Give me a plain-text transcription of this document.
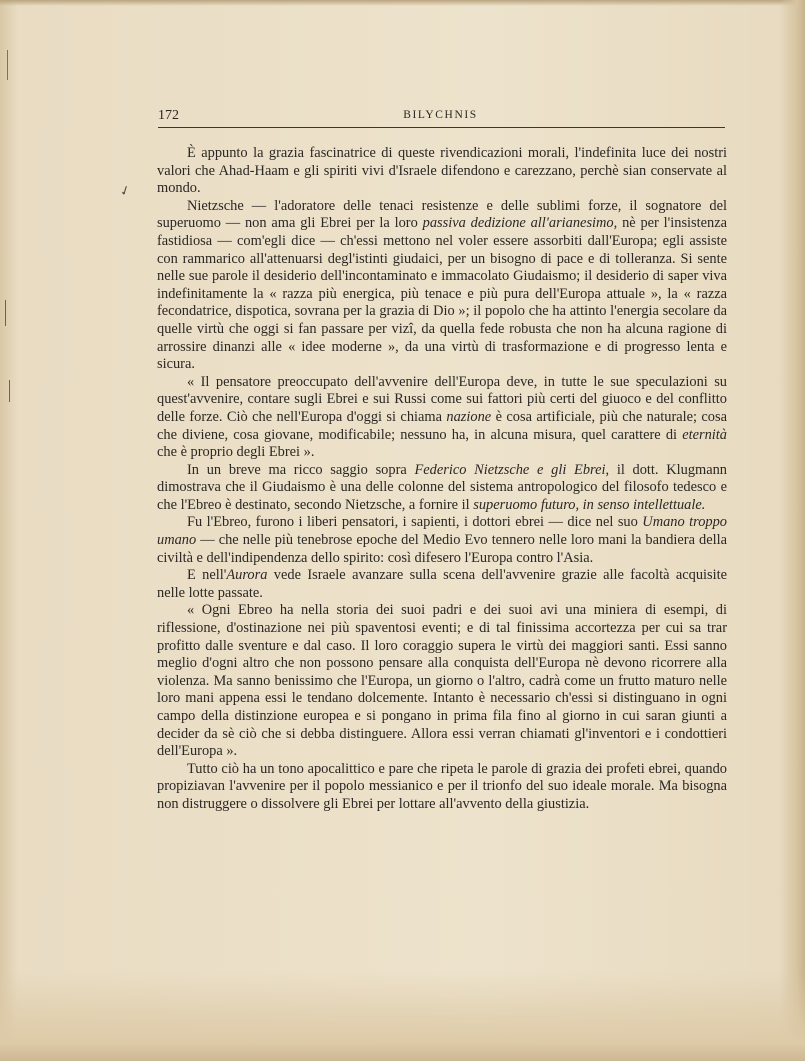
✓
172	BILYCHNIS

È appunto la grazia fascinatrice di queste rivendicazioni morali, l'indefinita luce dei nostri valori che Ahad-Haam e gli spiriti vivi d'Israele difendono e carezzano, perchè sian conservate al mondo.

Nietzsche — l'adoratore delle tenaci resistenze e delle sublimi forze, il sognatore del superuomo — non ama gli Ebrei per la loro passiva dedizione all'arianesimo, nè per l'insistenza fastidiosa — com'egli dice — ch'essi mettono nel voler essere assorbiti dall'Europa; egli assiste con rammarico all'attenuarsi degl'istinti giudaici, per un bisogno di pace e di tolleranza. Si sente nelle sue parole il desiderio dell'incontaminato e immacolato Giudaismo; il desiderio di saper viva indefinitamente la « razza più energica, più tenace e più pura dell'Europa attuale », la « razza fecondatrice, dispotica, sovrana per la grazia di Dio »; il popolo che ha attinto l'energia secolare da quelle virtù che oggi si fan passare per vizî, da quella fede robusta che non ha alcuna ragione di arrossire dinanzi alle « idee moderne », da una virtù di trasformazione e di progresso lenta e sicura.

« Il pensatore preoccupato dell'avvenire dell'Europa deve, in tutte le sue speculazioni su quest'avvenire, contare sugli Ebrei e sui Russi come sui fattori più certi del giuoco e del conflitto delle forze. Ciò che nell'Europa d'oggi si chiama nazione è cosa artificiale, più che naturale; cosa che diviene, cosa giovane, modificabile; nessuno ha, in alcuna misura, quel carattere di eternità che è proprio degli Ebrei ».

In un breve ma ricco saggio sopra Federico Nietzsche e gli Ebrei, il dott. Klugmann dimostrava che il Giudaismo è una delle colonne del sistema antropologico del filosofo tedesco e che l'Ebreo è destinato, secondo Nietzsche, a fornire il superuomo futuro, in senso intellettuale.

Fu l'Ebreo, furono i liberi pensatori, i sapienti, i dottori ebrei — dice nel suo Umano troppo umano — che nelle più tenebrose epoche del Medio Evo tennero nelle loro mani la bandiera della civiltà e dell'indipendenza dello spirito: così difesero l'Europa contro l'Asia.

E nell'Aurora vede Israele avanzare sulla scena dell'avvenire grazie alle facoltà acquisite nelle lotte passate.

« Ogni Ebreo ha nella storia dei suoi padri e dei suoi avi una miniera di esempi, di riflessione, d'ostinazione nei più spaventosi eventi; e di tal finissima accortezza per cui sa trar profitto dalle sventure e dal caso. Il loro coraggio supera le virtù dei maggiori santi. Essi sanno meglio d'ogni altro che non possono pensare alla conquista dell'Europa nè devono ricorrere alla violenza. Ma sanno benissimo che l'Europa, un giorno o l'altro, cadrà come un frutto maturo nelle loro mani appena essi le tendano dolcemente. Intanto è necessario ch'essi si distinguano in ogni campo della distinzione europea e si pongano in prima fila fino al giorno in cui saran giunti a decider da sè ciò che si debba distinguere. Allora essi verran chiamati gl'inventori e i condottieri dell'Europa ».

Tutto ciò ha un tono apocalittico e pare che ripeta le parole di grazia dei profeti ebrei, quando propiziavan l'avvenire per il popolo messianico e per il trionfo del suo ideale morale. Ma bisogna non distruggere o dissolvere gli Ebrei per lottare all'avvento della giustizia.
